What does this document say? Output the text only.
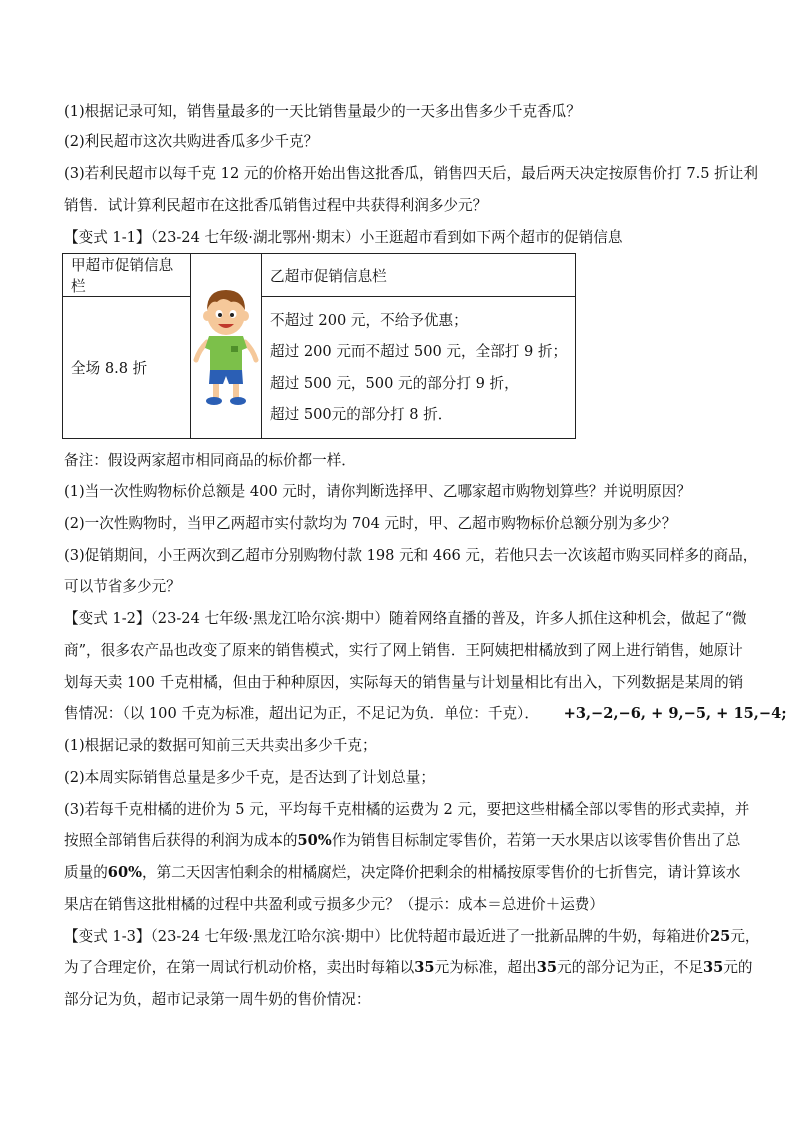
(1)根据记录可知，销售量最多的一天比销售量最少的一天多出售多少千克香瓜？
(2)利民超市这次共购进香瓜多少千克？
(3)若利民超市以每千克 12 元的价格开始出售这批香瓜，销售四天后，最后两天决定按原售价打 7.5 折让利
销售．试计算利民超市在这批香瓜销售过程中共获得利润多少元？
【变式 1-1】（23-24 七年级·湖北鄂州·期末）小王逛超市看到如下两个超市的促销信息
甲超市促销信息栏		乙超市促销信息栏
全场 8.8 折		不超过 200 元，不给予优惠；
超过 200 元而不超过 500 元，全部打 9 折；
超过 500 元，500 元的部分打 9 折，
超过 500元的部分打 8 折．
备注：假设两家超市相同商品的标价都一样．
(1)当一次性购物标价总额是 400 元时，请你判断选择甲、乙哪家超市购物划算些？并说明原因？
(2)一次性购物时，当甲乙两超市实付款均为 704 元时，甲、乙超市购物标价总额分别为多少？
(3)促销期间，小王两次到乙超市分别购物付款 198 元和 466 元，若他只去一次该超市购买同样多的商品，
可以节省多少元？
【变式 1-2】（23-24 七年级·黑龙江哈尔滨·期中）随着网络直播的普及，许多人抓住这种机会，做起了“微
商”，很多农产品也改变了原来的销售模式，实行了网上销售．王阿姨把柑橘放到了网上进行销售，她原计
划每天卖 100 千克柑橘，但由于种种原因，实际每天的销售量与计划量相比有出入，下列数据是某周的销
售情况：（以 100 千克为标准，超出记为正，不足记为负．单位：千克）． +3,−2,−6, + 9,−5, + 15,−4;
(1)根据记录的数据可知前三天共卖出多少千克；
(2)本周实际销售总量是多少千克，是否达到了计划总量；
(3)若每千克柑橘的进价为 5 元，平均每千克柑橘的运费为 2 元，要把这些柑橘全部以零售的形式卖掉，并
按照全部销售后获得的利润为成本的50%作为销售目标制定零售价，若第一天水果店以该零售价售出了总
质量的60%，第二天因害怕剩余的柑橘腐烂，决定降价把剩余的柑橘按原零售价的七折售完，请计算该水
果店在销售这批柑橘的过程中共盈利或亏损多少元？（提示：成本＝总进价＋运费）
【变式 1-3】（23-24 七年级·黑龙江哈尔滨·期中）比优特超市最近进了一批新品牌的牛奶，每箱进价25元，
为了合理定价，在第一周试行机动价格，卖出时每箱以35元为标准，超出35元的部分记为正，不足35元的
部分记为负，超市记录第一周牛奶的售价情况：
